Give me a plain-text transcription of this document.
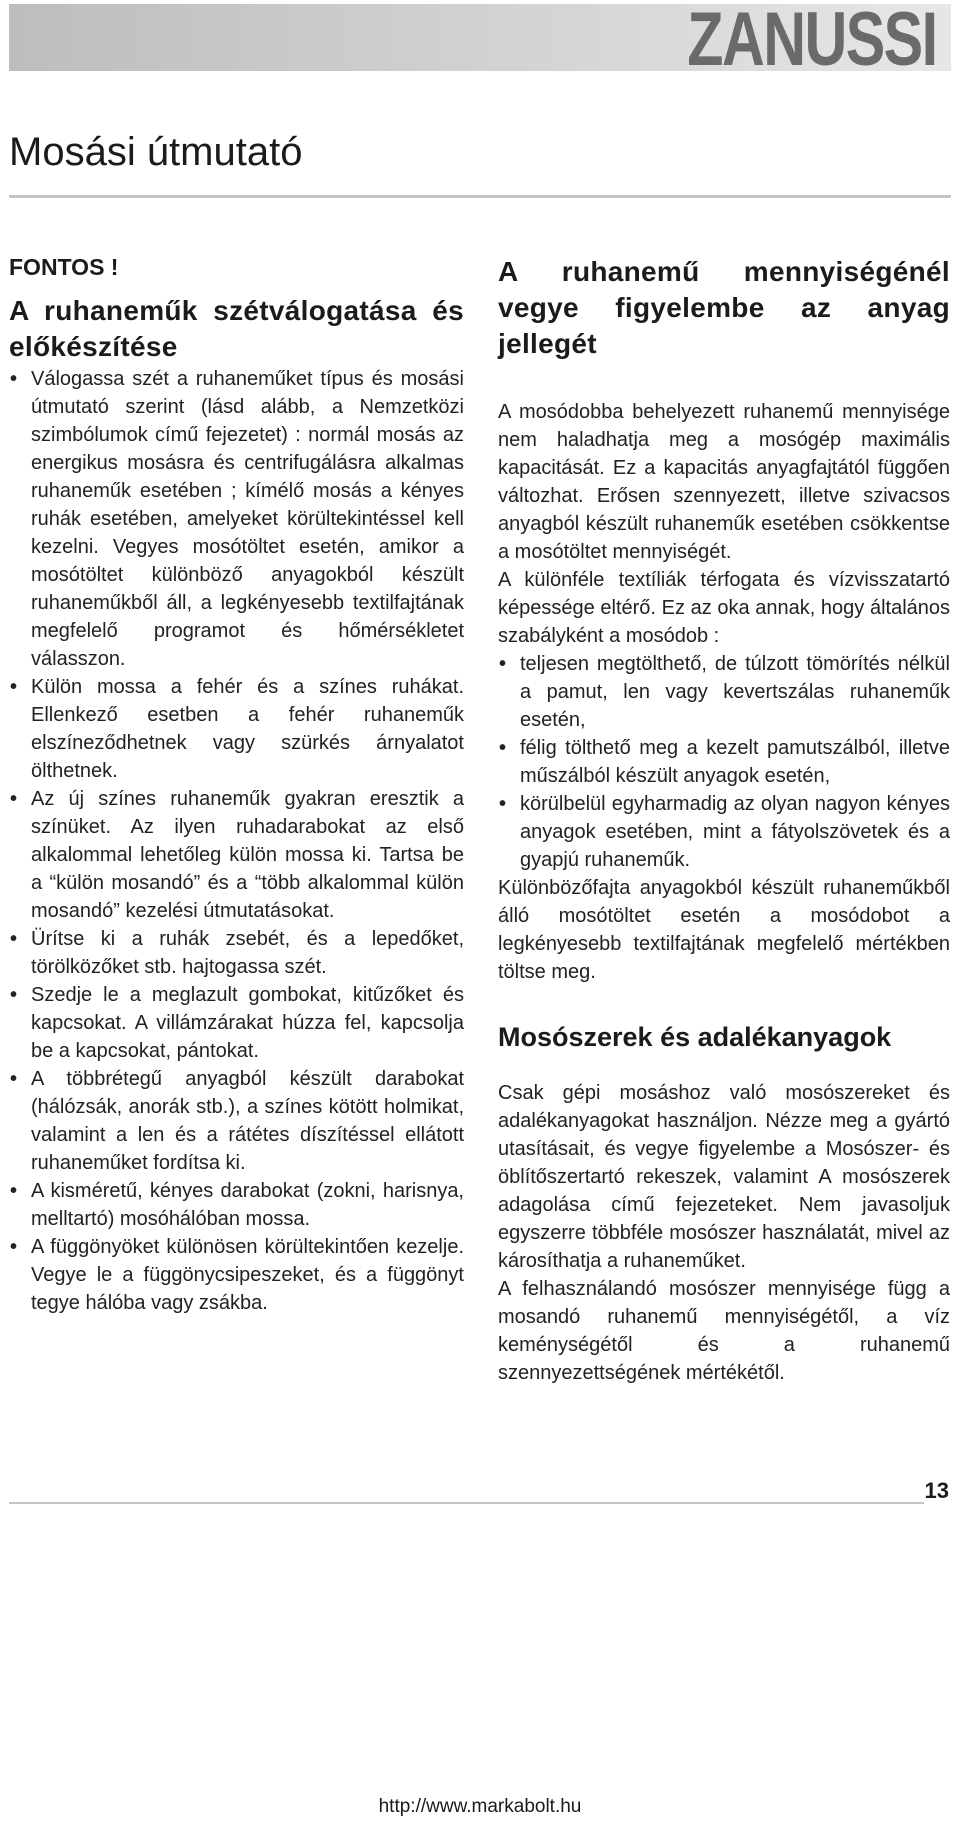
ZANUSSI
Mosási útmutató
FONTOS !
A ruhaneműk szétválogatása és előkészítése
• Válogassa szét a ruhaneműket típus és mosási útmutató szerint (lásd alább, a Nemzetközi szimbólumok című fejezetet) : normál mosás az energikus mosásra és centrifugálásra alkalmas ruhaneműk esetében ; kímélő mosás a kényes ruhák esetében, amelyeket körültekintéssel kell kezelni. Vegyes mosótöltet esetén, amikor a mosótöltet különböző anyagokból készült ruhaneműkből áll, a legkényesebb textilfajtának megfelelő programot és hőmérsékletet válasszon.
• Külön mossa a fehér és a színes ruhákat. Ellenkező esetben a fehér ruhaneműk elszíneződhetnek vagy szürkés árnyalatot ölthetnek.
• Az új színes ruhaneműk gyakran eresztik a színüket. Az ilyen ruhadarabokat az első alkalommal lehetőleg külön mossa ki. Tartsa be a “külön mosandó” és a “több alkalommal külön mosandó” kezelési útmutatásokat.
• Ürítse ki a ruhák zsebét, és a lepedőket, törölközőket stb. hajtogassa szét.
• Szedje le a meglazult gombokat, kitűzőket és kapcsokat. A villámzárakat húzza fel, kapcsolja be a kapcsokat, pántokat.
• A többrétegű anyagból készült darabokat (hálózsák, anorák stb.), a színes kötött holmikat, valamint a len és a rátétes díszítéssel ellátott ruhaneműket fordítsa ki.
• A kisméretű, kényes darabokat (zokni, harisnya, melltartó) mosóhálóban mossa.
• A függönyöket különösen körültekintően kezelje. Vegye le a függönycsipeszeket, és a függönyt tegye hálóba vagy zsákba.
A ruhanemű mennyiségénél vegye figyelembe az anyag jellegét

A mosódobba behelyezett ruhanemű mennyisége nem haladhatja meg a mosógép maximális kapacitását. Ez a kapacitás anyagfajtától függően változhat. Erősen szennyezett, illetve szivacsos anyagból készült ruhaneműk esetében csökkentse a mosótöltet mennyiségét.

A különféle textíliák térfogata és vízvisszatartó képessége eltérő. Ez az oka annak, hogy általános szabályként a mosódob :

• teljesen megtölthető, de túlzott tömörítés nélkül a pamut, len vagy kevertszálas ruhaneműk esetén,
• félig tölthető meg a kezelt pamutszálból, illetve műszálból készült anyagok esetén,
• körülbelül egyharmadig az olyan nagyon kényes anyagok esetében, mint a fátyolszövetek és a gyapjú ruhaneműk.

Különbözőfajta anyagokból készült ruhaneműkből álló mosótöltet esetén a mosódobot a legkényesebb textilfajtának megfelelő mértékben töltse meg.

Mosószerek és adalékanyagok

Csak gépi mosáshoz való mosószereket és adalékanyagokat használjon. Nézze meg a gyártó utasításait, és vegye figyelembe a Mosószer- és öblítőszertartó rekeszek, valamint A mosószerek adagolása című fejezeteket. Nem javasoljuk egyszerre többféle mosószer használatát, mivel az károsíthatja a ruhaneműket.

A felhasználandó mosószer mennyisége függ a mosandó ruhanemű mennyiségétől, a víz keménységétől és a ruhanemű szennyezettségének mértékétől.

13
http://www.markabolt.hu
